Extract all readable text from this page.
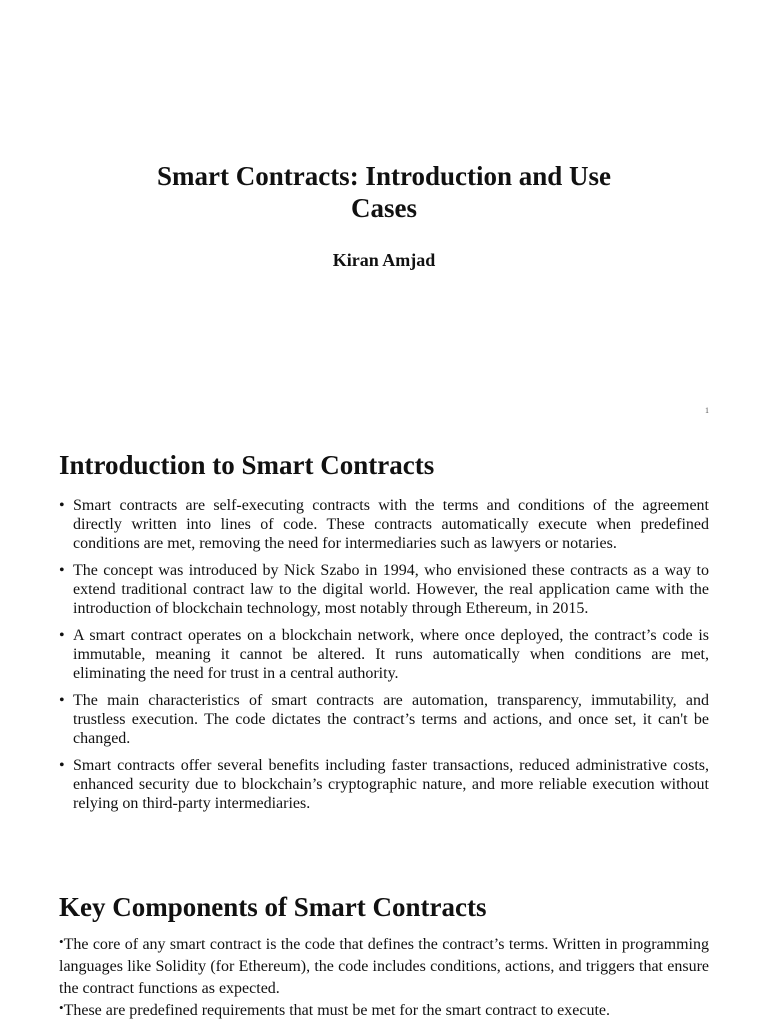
Smart Contracts: Introduction and Use Cases

Kiran Amjad

1
Introduction to Smart Contracts
• Smart contracts are self-executing contracts with the terms and conditions of the agreement directly written into lines of code. These contracts automatically execute when predefined conditions are met, removing the need for intermediaries such as lawyers or notaries.
• The concept was introduced by Nick Szabo in 1994, who envisioned these contracts as a way to extend traditional contract law to the digital world. However, the real application came with the introduction of blockchain technology, most notably through Ethereum, in 2015.
• A smart contract operates on a blockchain network, where once deployed, the contract’s code is immutable, meaning it cannot be altered. It runs automatically when conditions are met, eliminating the need for trust in a central authority.
• The main characteristics of smart contracts are automation, transparency, immutability, and trustless execution. The code dictates the contract’s terms and actions, and once set, it can't be changed.
• Smart contracts offer several benefits including faster transactions, reduced administrative costs, enhanced security due to blockchain’s cryptographic nature, and more reliable execution without relying on third-party intermediaries.
Key Components of Smart Contracts
•The core of any smart contract is the code that defines the contract’s terms. Written in programming languages like Solidity (for Ethereum), the code includes conditions, actions, and triggers that ensure the contract functions as expected.
•These are predefined requirements that must be met for the smart contract to execute.
